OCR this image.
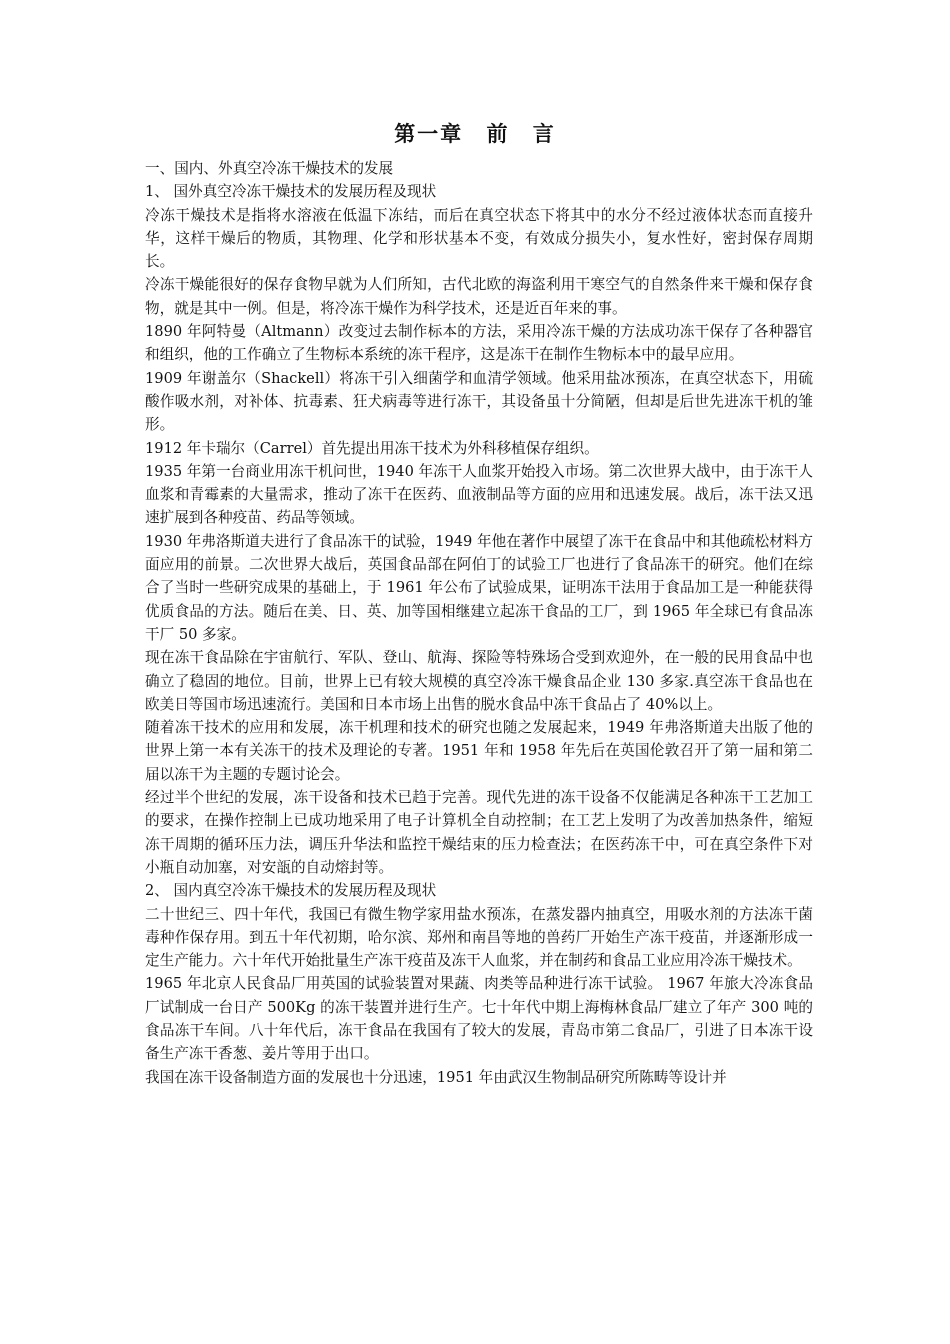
第一章 前 言

一、国内、外真空冷冻干燥技术的发展

1、 国外真空冷冻干燥技术的发展历程及现状

冷冻干燥技术是指将水溶液在低温下冻结，而后在真空状态下将其中的水分不经过液体状态而直接升华，这样干燥后的物质，其物理、化学和形状基本不变，有效成分损失小，复水性好，密封保存周期长。

冷冻干燥能很好的保存食物早就为人们所知，古代北欧的海盗利用干寒空气的自然条件来干燥和保存食物，就是其中一例。但是，将冷冻干燥作为科学技术，还是近百年来的事。

1890 年阿特曼（Altmann）改变过去制作标本的方法，采用冷冻干燥的方法成功冻干保存了各种器官和组织，他的工作确立了生物标本系统的冻干程序，这是冻干在制作生物标本中的最早应用。

1909 年谢盖尔（Shackell）将冻干引入细菌学和血清学领域。他采用盐冰预冻，在真空状态下，用硫酸作吸水剂，对补体、抗毒素、狂犬病毒等进行冻干，其设备虽十分简陋，但却是后世先进冻干机的雏形。

1912 年卡瑞尔（Carrel）首先提出用冻干技术为外科移植保存组织。

1935 年第一台商业用冻干机问世，1940 年冻干人血浆开始投入市场。第二次世界大战中，由于冻干人血浆和青霉素的大量需求，推动了冻干在医药、血液制品等方面的应用和迅速发展。战后，冻干法又迅速扩展到各种疫苗、药品等领域。

1930 年弗洛斯道夫进行了食品冻干的试验，1949 年他在著作中展望了冻干在食品中和其他疏松材料方面应用的前景。二次世界大战后，英国食品部在阿伯丁的试验工厂也进行了食品冻干的研究。他们在综合了当时一些研究成果的基础上，于 1961 年公布了试验成果，证明冻干法用于食品加工是一种能获得优质食品的方法。随后在美、日、英、加等国相继建立起冻干食品的工厂，到 1965 年全球已有食品冻干厂 50 多家。

现在冻干食品除在宇宙航行、军队、登山、航海、探险等特殊场合受到欢迎外，在一般的民用食品中也确立了稳固的地位。目前，世界上已有较大规模的真空冷冻干燥食品企业 130 多家.真空冻干食品也在欧美日等国市场迅速流行。美国和日本市场上出售的脱水食品中冻干食品占了 40%以上。

随着冻干技术的应用和发展，冻干机理和技术的研究也随之发展起来，1949 年弗洛斯道夫出版了他的世界上第一本有关冻干的技术及理论的专著。1951 年和 1958 年先后在英国伦敦召开了第一届和第二届以冻干为主题的专题讨论会。

经过半个世纪的发展，冻干设备和技术已趋于完善。现代先进的冻干设备不仅能满足各种冻干工艺加工的要求，在操作控制上已成功地采用了电子计算机全自动控制；在工艺上发明了为改善加热条件，缩短冻干周期的循环压力法，调压升华法和监控干燥结束的压力检查法；在医药冻干中，可在真空条件下对小瓶自动加塞，对安瓿的自动熔封等。

2、 国内真空冷冻干燥技术的发展历程及现状

二十世纪三、四十年代，我国已有微生物学家用盐水预冻，在蒸发器内抽真空，用吸水剂的方法冻干菌毒种作保存用。到五十年代初期，哈尔滨、郑州和南昌等地的兽药厂开始生产冻干疫苗，并逐渐形成一定生产能力。六十年代开始批量生产冻干疫苗及冻干人血浆，并在制药和食品工业应用冷冻干燥技术。

1965 年北京人民食品厂用英国的试验装置对果蔬、肉类等品种进行冻干试验。 1967 年旅大冷冻食品厂试制成一台日产 500Kg 的冻干装置并进行生产。七十年代中期上海梅林食品厂建立了年产 300 吨的食品冻干车间。八十年代后，冻干食品在我国有了较大的发展，青岛市第二食品厂，引进了日本冻干设备生产冻干香葱、姜片等用于出口。

我国在冻干设备制造方面的发展也十分迅速，1951 年由武汉生物制品研究所陈畴等设计并
